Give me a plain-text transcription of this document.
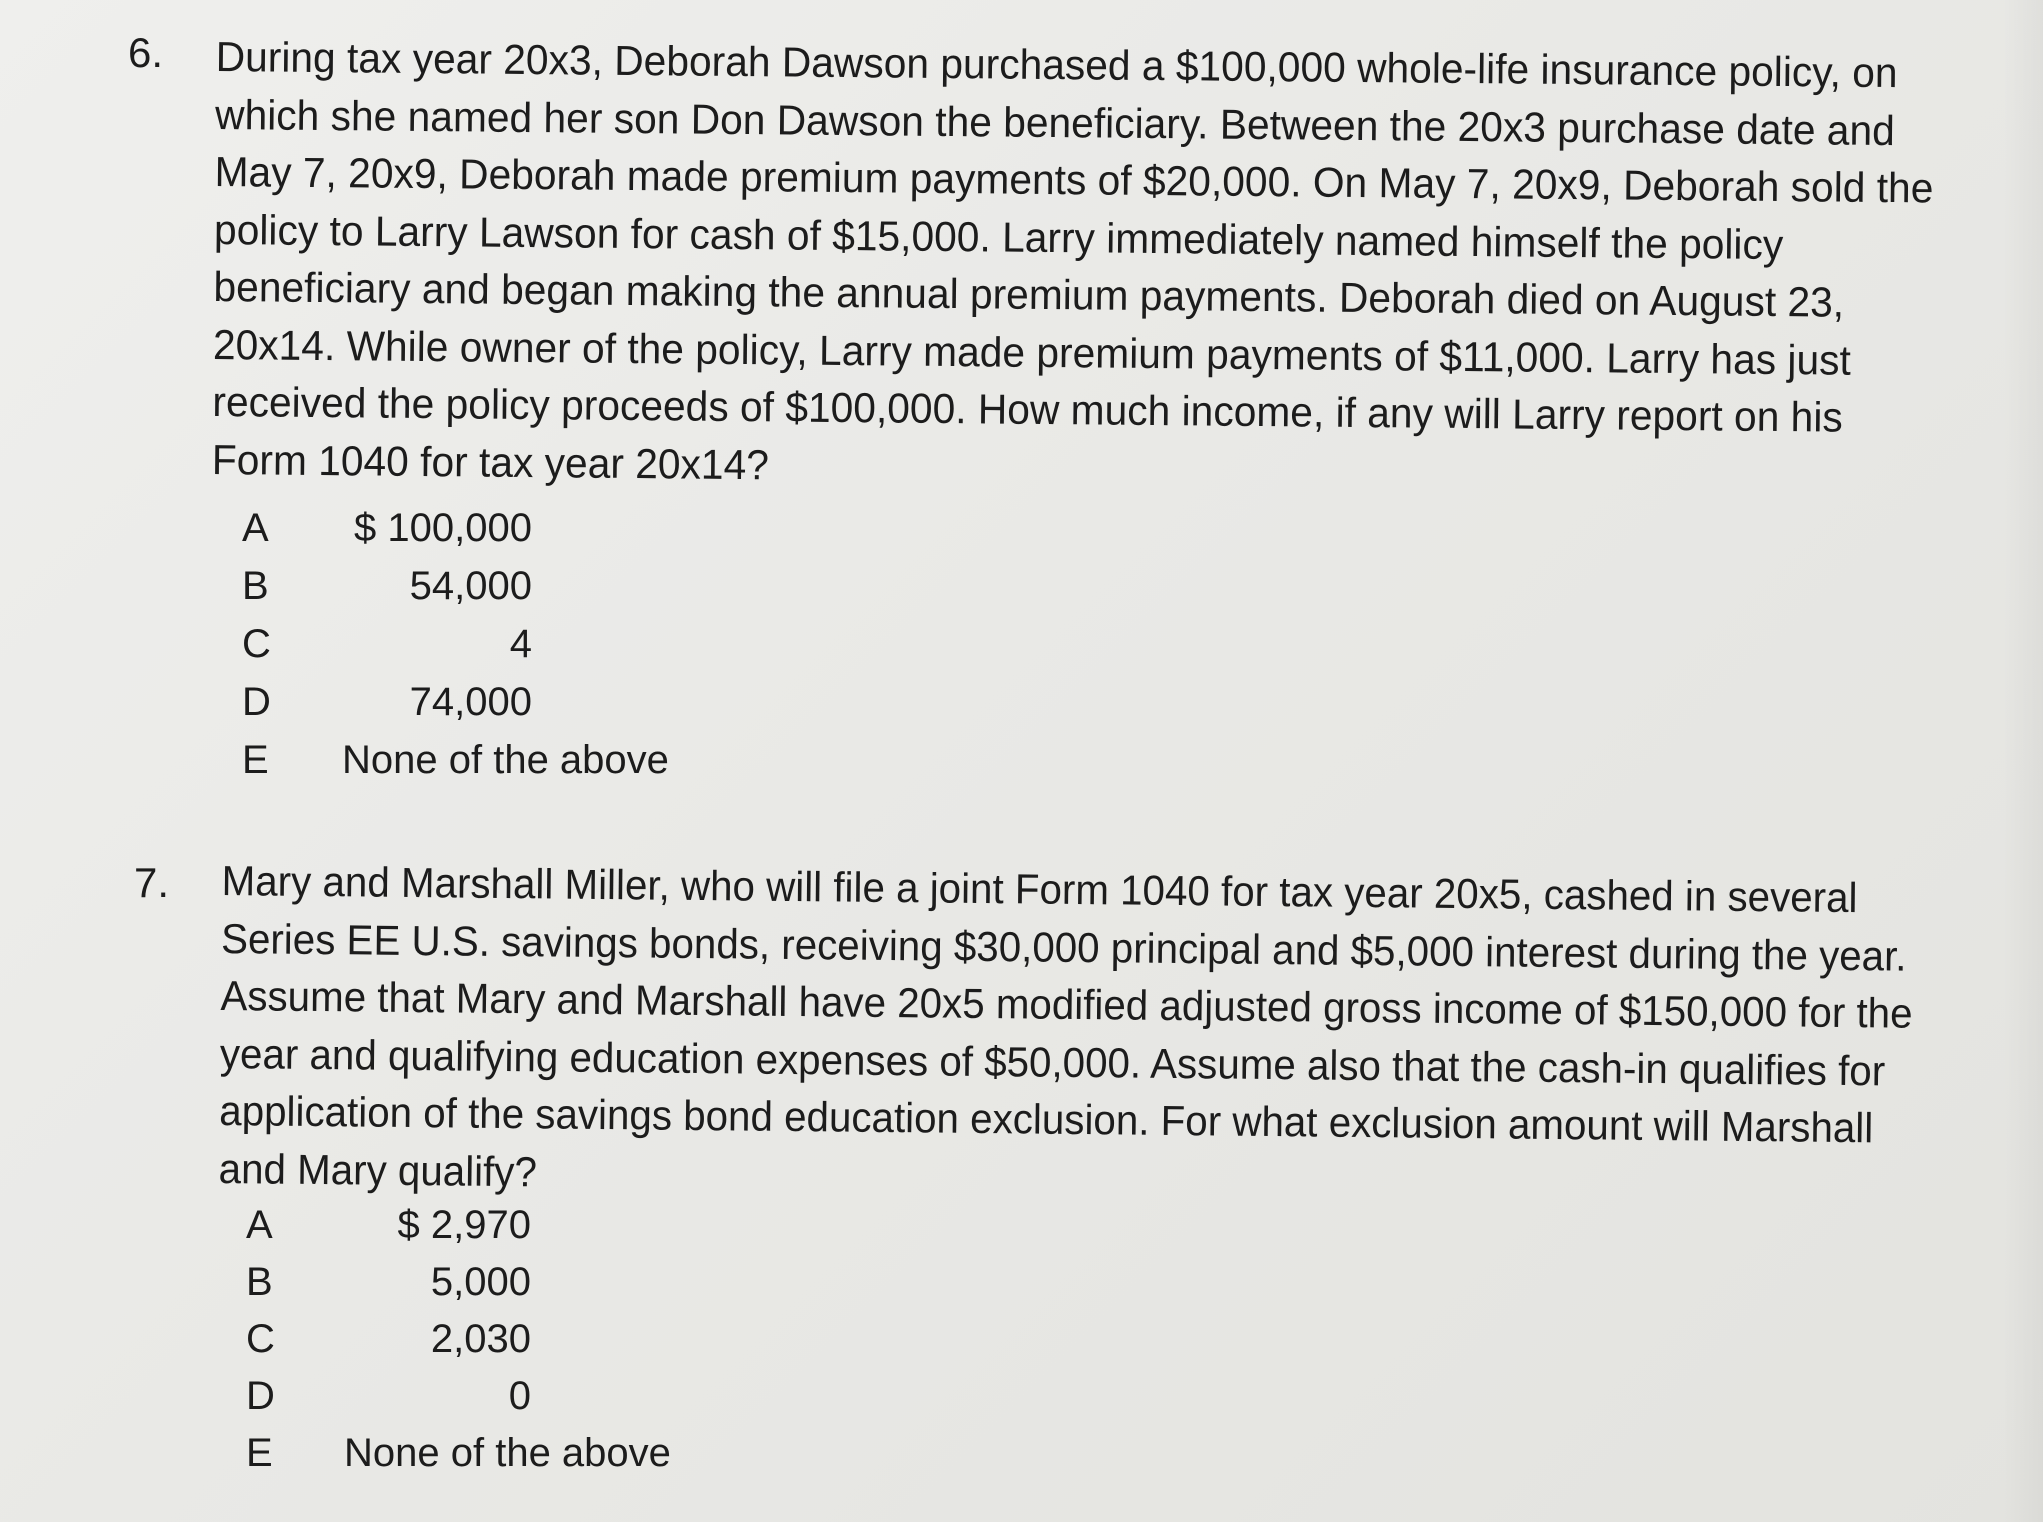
6. During tax year 20x3, Deborah Dawson purchased a $100,000 whole-life insurance policy, on
which she named her son Don Dawson the beneficiary. Between the 20x3 purchase date and
May 7, 20x9, Deborah made premium payments of $20,000. On May 7, 20x9, Deborah sold the
policy to Larry Lawson for cash of $15,000. Larry immediately named himself the policy
beneficiary and began making the annual premium payments. Deborah died on August 23,
20x14. While owner of the policy, Larry made premium payments of $11,000. Larry has just
received the policy proceeds of $100,000. How much income, if any will Larry report on his
Form 1040 for tax year 20x14?
A	$ 100,000
B	54,000
C	4
D	74,000
E None of the above
7. Mary and Marshall Miller, who will file a joint Form 1040 for tax year 20x5, cashed in several
Series EE U.S. savings bonds, receiving $30,000 principal and $5,000 interest during the year.
Assume that Mary and Marshall have 20x5 modified adjusted gross income of $150,000 for the
year and qualifying education expenses of $50,000. Assume also that the cash-in qualifies for
application of the savings bond education exclusion. For what exclusion amount will Marshall
and Mary qualify?
A	$ 2,970
B	5,000
C	2,030
D	0
E None of the above
